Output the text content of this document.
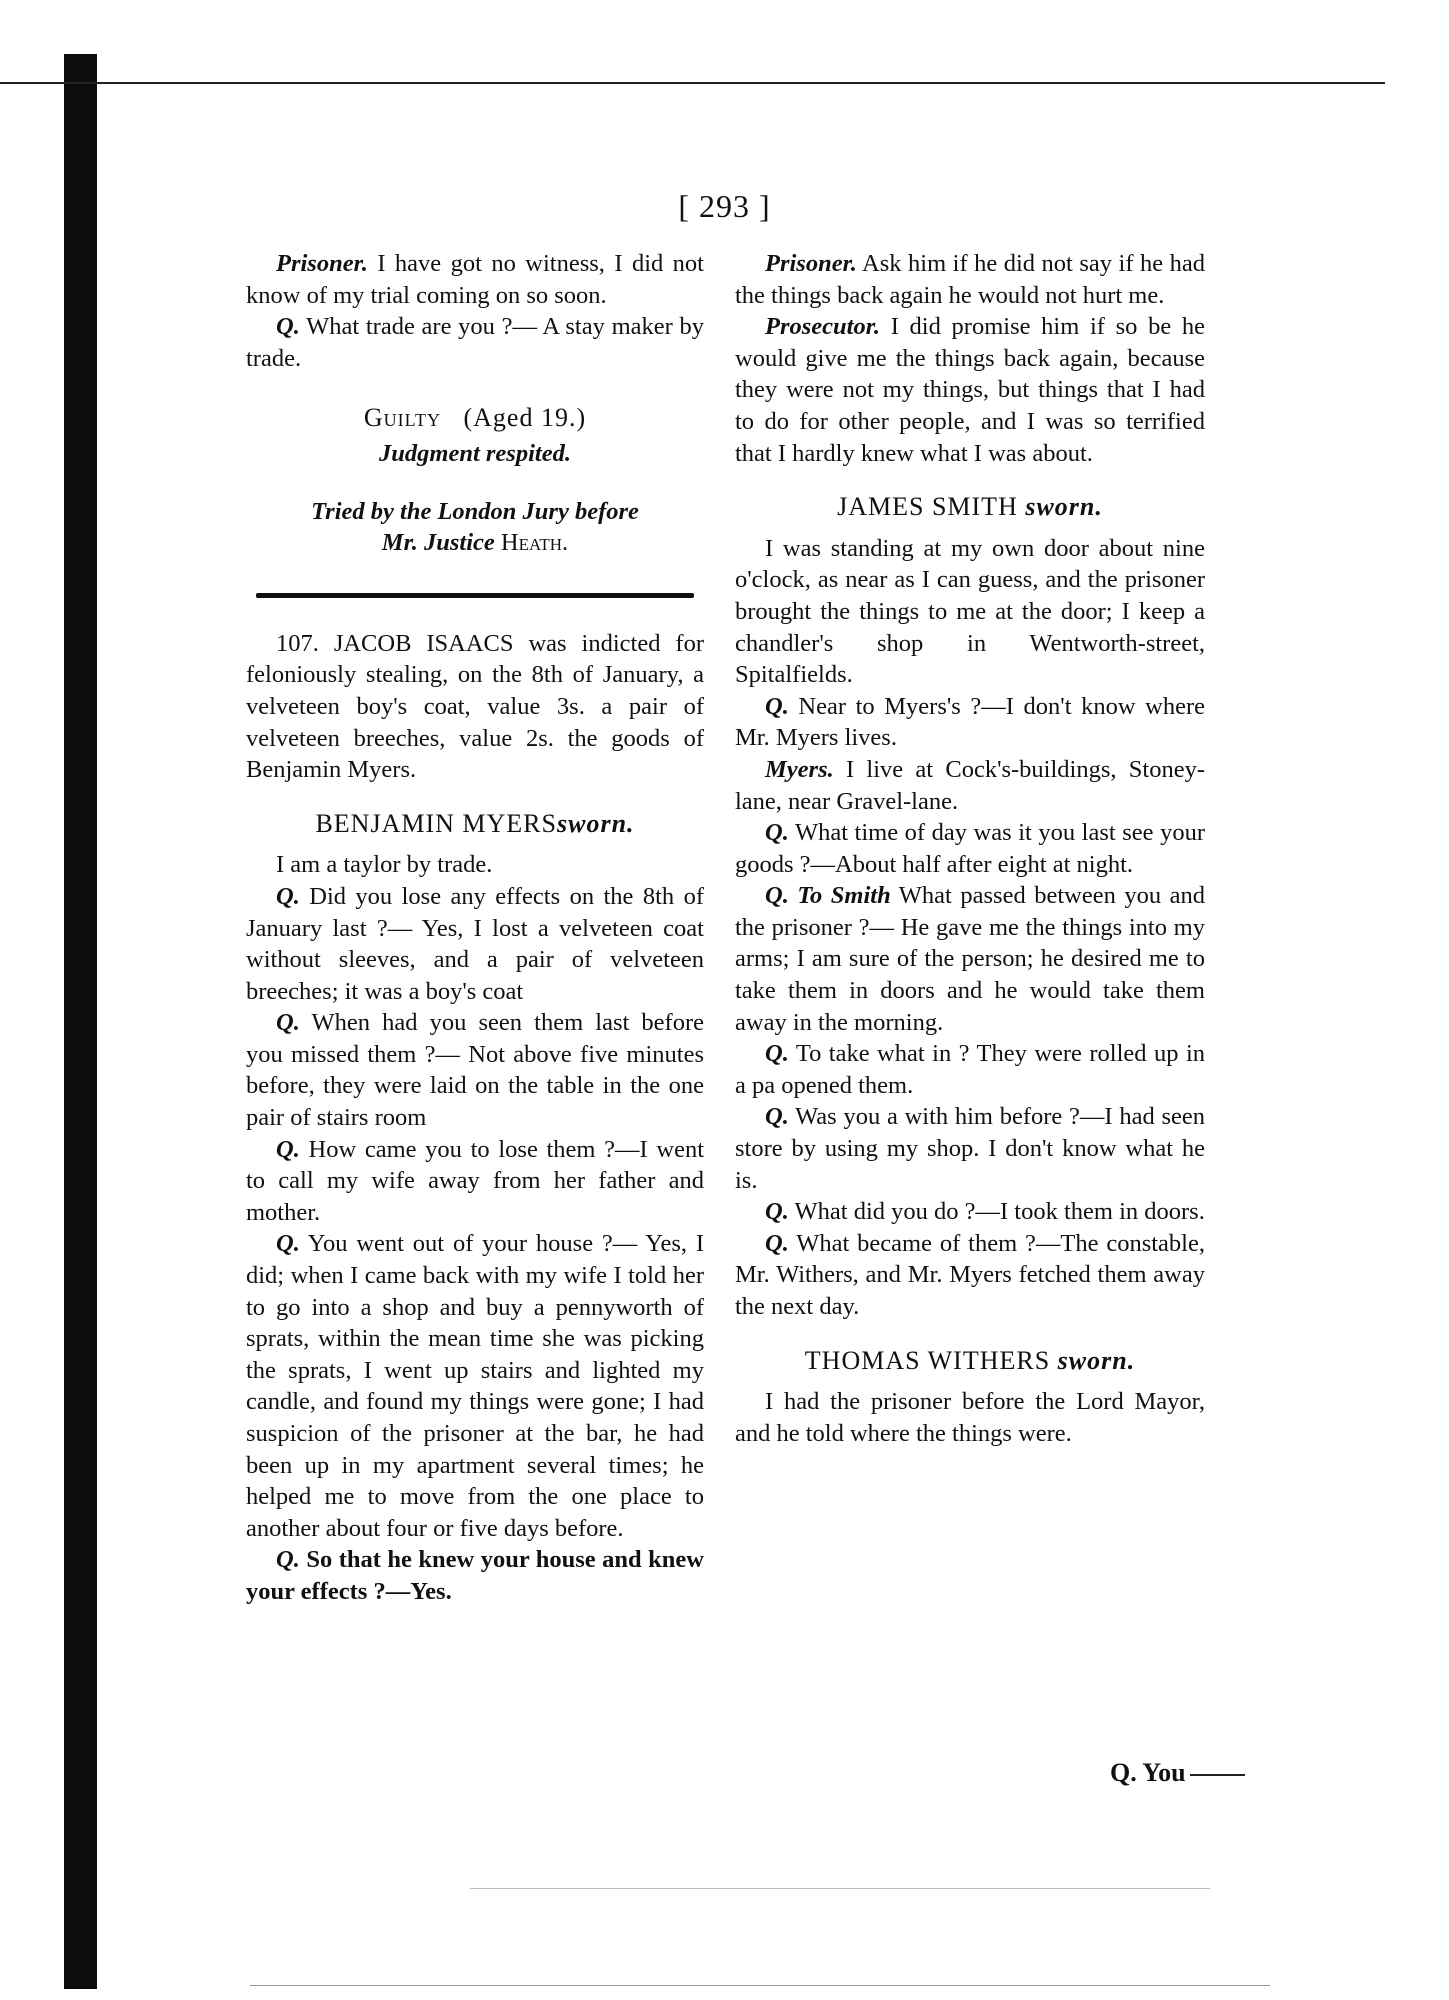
[ 293 ]

Prisoner. I have got no witness, I did not know of my trial coming on so soon.

Q. What trade are you ?— A stay maker by trade.

Guilty (Aged 19.)

Judgment respited.

Tried by the London Jury before

Mr. Justice Heath.

107. JACOB ISAACS was indicted for feloniously stealing, on the 8th of January, a velveteen boy's coat, value 3s. a pair of velveteen breeches, value 2s. the goods of Benjamin Myers.

BENJAMIN MYERSsworn.

I am a taylor by trade.

Q. Did you lose any effects on the 8th of January last ?— Yes, I lost a velveteen coat without sleeves, and a pair of velveteen breeches; it was a boy's coat

Q. When had you seen them last before you missed them ?— Not above five minutes before, they were laid on the table in the one pair of stairs room

Q. How came you to lose them ?—I went to call my wife away from her father and mother.

Q. You went out of your house ?— Yes, I did; when I came back with my wife I told her to go into a shop and buy a pennyworth of sprats, within the mean time she was picking the sprats, I went up stairs and lighted my candle, and found my things were gone; I had suspicion of the prisoner at the bar, he had been up in my apartment several times; he helped me to move from the one place to another about four or five days before.

Q. So that he knew your house and knew your effects ?—Yes.

Prisoner. Ask him if he did not say if he had the things back again he would not hurt me.

Prosecutor. I did promise him if so be he would give me the things back again, because they were not my things, but things that I had to do for other people, and I was so terrified that I hardly knew what I was about.

JAMES SMITH sworn.

I was standing at my own door about nine o'clock, as near as I can guess, and the prisoner brought the things to me at the door; I keep a chandler's shop in Wentworth-street, Spitalfields.

Q. Near to Myers's ?—I don't know where Mr. Myers lives.

Myers. I live at Cock's-buildings, Stoney-lane, near Gravel-lane.

Q. What time of day was it you last see your goods ?—About half after eight at night.

Q. To Smith What passed between you and the prisoner ?— He gave me the things into my arms; I am sure of the person; he desired me to take them in doors and he would take them away in the morning.

Q. To take what in ? They were rolled up in a pa opened them.

Q. Was you a with him before ?—I had seen store by using my shop. I don't know what he is.

Q. What did you do ?—I took them in doors.

Q. What became of them ?—The constable, Mr. Withers, and Mr. Myers fetched them away the next day.

THOMAS WITHERS sworn.

I had the prisoner before the Lord Mayor, and he told where the things were.

Q. You
